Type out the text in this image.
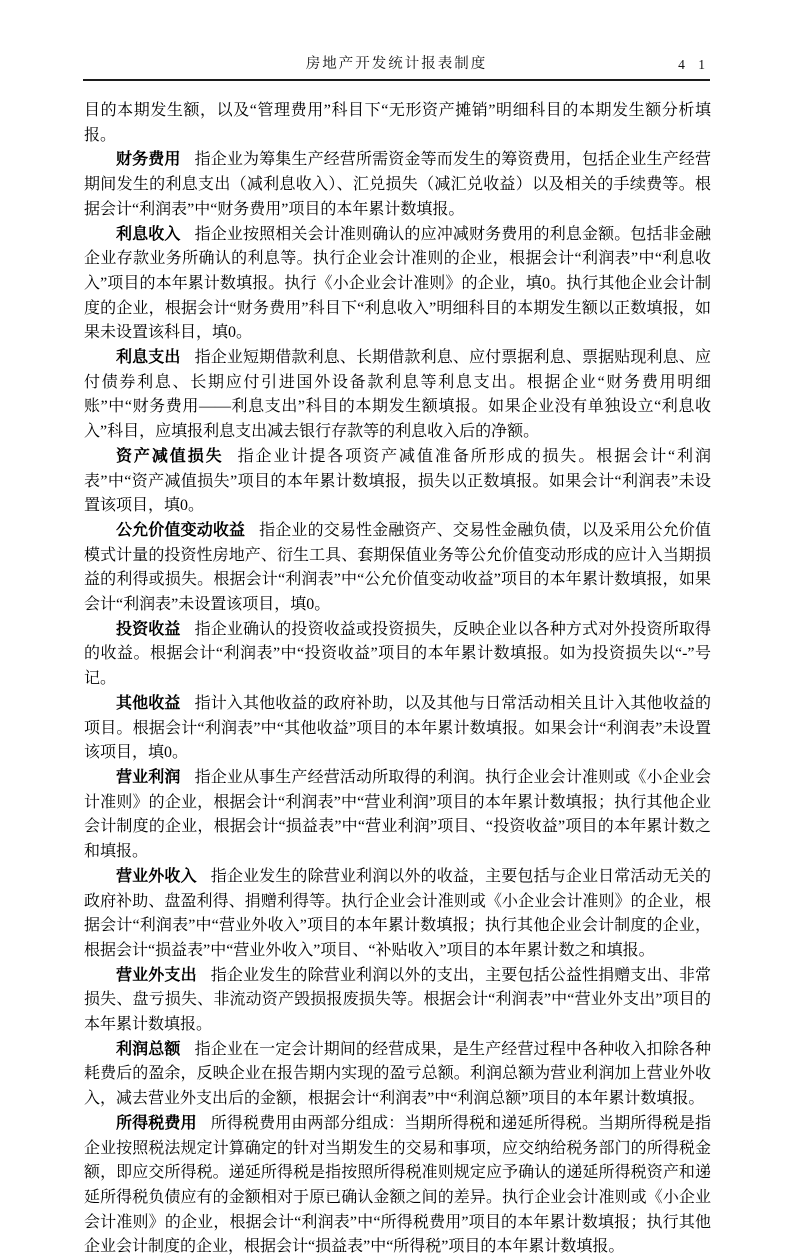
房地产开发统计报表制度	4 1

目的本期发生额，以及“管理费用”科目下“无形资产摊销”明细科目的本期发生额分析填报。

财务费用 指企业为筹集生产经营所需资金等而发生的筹资费用，包括企业生产经营期间发生的利息支出（减利息收入）、汇兑损失（减汇兑收益）以及相关的手续费等。根据会计“利润表”中“财务费用”项目的本年累计数填报。

利息收入 指企业按照相关会计准则确认的应冲减财务费用的利息金额。包括非金融企业存款业务所确认的利息等。执行企业会计准则的企业，根据会计“利润表”中“利息收入”项目的本年累计数填报。执行《小企业会计准则》的企业，填0。执行其他企业会计制度的企业，根据会计“财务费用”科目下“利息收入”明细科目的本期发生额以正数填报，如果未设置该科目，填0。

利息支出 指企业短期借款利息、长期借款利息、应付票据利息、票据贴现利息、应付债券利息、长期应付引进国外设备款利息等利息支出。根据企业“财务费用明细账”中“财务费用——利息支出”科目的本期发生额填报。如果企业没有单独设立“利息收入”科目，应填报利息支出减去银行存款等的利息收入后的净额。

资产减值损失 指企业计提各项资产减值准备所形成的损失。根据会计“利润表”中“资产减值损失”项目的本年累计数填报，损失以正数填报。如果会计“利润表”未设置该项目，填0。

公允价值变动收益 指企业的交易性金融资产、交易性金融负债，以及采用公允价值模式计量的投资性房地产、衍生工具、套期保值业务等公允价值变动形成的应计入当期损益的利得或损失。根据会计“利润表”中“公允价值变动收益”项目的本年累计数填报，如果会计“利润表”未设置该项目，填0。

投资收益 指企业确认的投资收益或投资损失，反映企业以各种方式对外投资所取得的收益。根据会计“利润表”中“投资收益”项目的本年累计数填报。如为投资损失以“-”号记。

其他收益 指计入其他收益的政府补助，以及其他与日常活动相关且计入其他收益的项目。根据会计“利润表”中“其他收益”项目的本年累计数填报。如果会计“利润表”未设置该项目，填0。

营业利润 指企业从事生产经营活动所取得的利润。执行企业会计准则或《小企业会计准则》的企业，根据会计“利润表”中“营业利润”项目的本年累计数填报；执行其他企业会计制度的企业，根据会计“损益表”中“营业利润”项目、“投资收益”项目的本年累计数之和填报。

营业外收入 指企业发生的除营业利润以外的收益，主要包括与企业日常活动无关的政府补助、盘盈利得、捐赠利得等。执行企业会计准则或《小企业会计准则》的企业，根据会计“利润表”中“营业外收入”项目的本年累计数填报；执行其他企业会计制度的企业，根据会计“损益表”中“营业外收入”项目、“补贴收入”项目的本年累计数之和填报。

营业外支出 指企业发生的除营业利润以外的支出，主要包括公益性捐赠支出、非常损失、盘亏损失、非流动资产毁损报废损失等。根据会计“利润表”中“营业外支出”项目的本年累计数填报。

利润总额 指企业在一定会计期间的经营成果，是生产经营过程中各种收入扣除各种耗费后的盈余，反映企业在报告期内实现的盈亏总额。利润总额为营业利润加上营业外收入，减去营业外支出后的金额，根据会计“利润表”中“利润总额”项目的本年累计数填报。

所得税费用 所得税费用由两部分组成：当期所得税和递延所得税。当期所得税是指企业按照税法规定计算确定的针对当期发生的交易和事项，应交纳给税务部门的所得税金额，即应交所得税。递延所得税是指按照所得税准则规定应予确认的递延所得税资产和递延所得税负债应有的金额相对于原已确认金额之间的差异。执行企业会计准则或《小企业会计准则》的企业，根据会计“利润表”中“所得税费用”项目的本年累计数填报；执行其他企业会计制度的企业，根据会计“损益表”中“所得税”项目的本年累计数填报。
